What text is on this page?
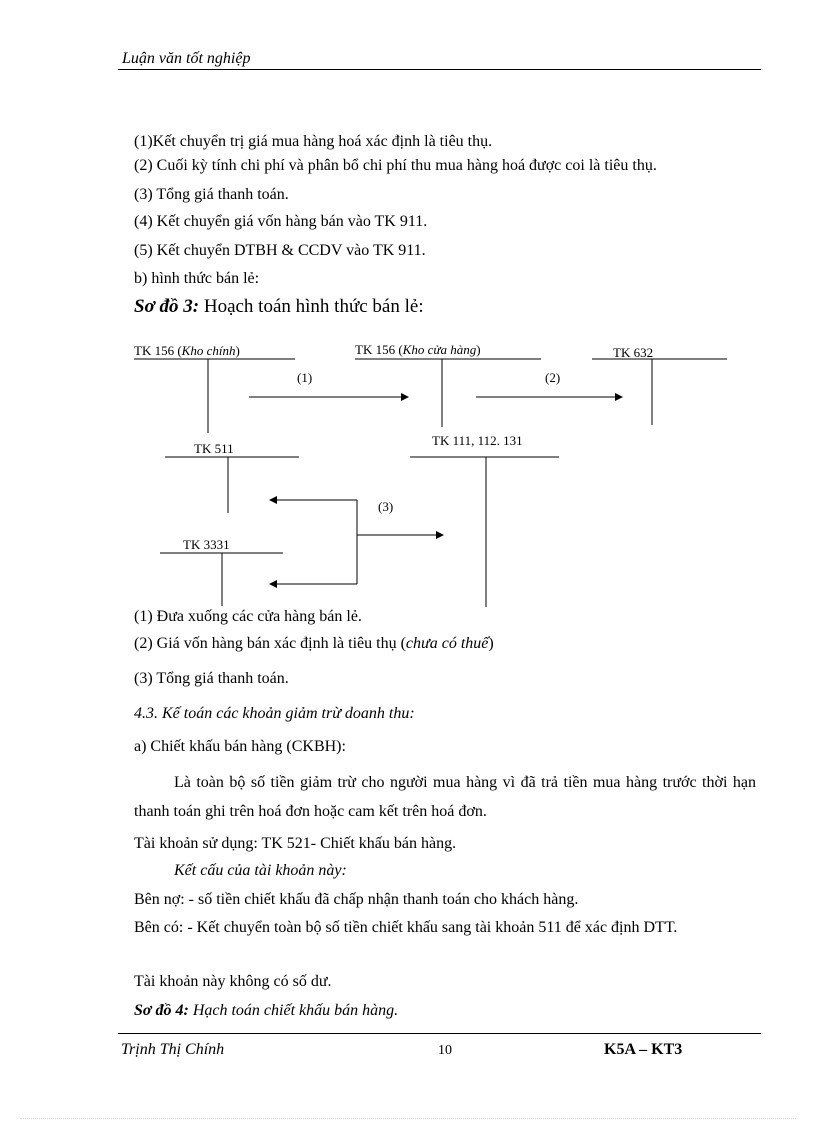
Luận văn tốt nghiệp
(1)Kết chuyển trị giá mua hàng hoá xác định là tiêu thụ.
(2) Cuối kỳ tính chi phí và phân bổ chi phí thu mua hàng hoá được coi là tiêu thụ.
(3) Tổng giá thanh toán.
(4) Kết chuyển giá vốn hàng bán vào TK 911.
(5) Kết chuyển DTBH & CCDV vào TK 911.
b) hình thức bán lẻ:
Sơ đồ 3: Hoạch toán hình thức bán lẻ:
TK 156 (Kho chính)	TK 156 (Kho cửa hàng)	TK 632
(1)	(2)
TK 511
TK 111, 112. 131
(3)
TK 3331
(1) Đưa xuống các cửa hàng bán lẻ.
(2) Giá vốn hàng bán xác định là tiêu thụ (chưa có thuế)
(3) Tổng giá thanh toán.
4.3. Kế toán các khoản giảm trừ doanh thu:
a) Chiết khấu bán hàng (CKBH):
Là toàn bộ số tiền giảm trừ cho người mua hàng vì đã trả tiền mua hàng trước thời hạn thanh toán ghi trên hoá đơn hoặc cam kết trên hoá đơn.
Tài khoản sử dụng: TK 521- Chiết khấu bán hàng.
Kết cấu của tài khoản này:
Bên nợ: - số tiền chiết khấu đã chấp nhận thanh toán cho khách hàng.
Bên có: - Kết chuyển toàn bộ số tiền chiết khấu sang tài khoản 511 để xác định DTT.
Tài khoản này không có số dư.
Sơ đồ 4: Hạch toán chiết khấu bán hàng.
Trịnh Thị Chính	10	K5A – KT3
